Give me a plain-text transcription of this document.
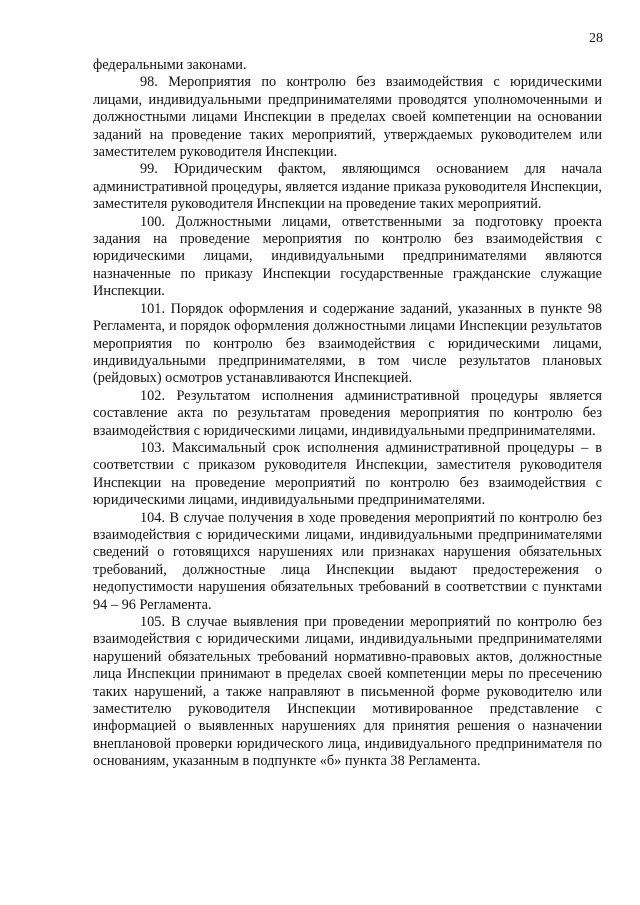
28

федеральными законами.

98. Мероприятия по контролю без взаимодействия с юридическими лицами, индивидуальными предпринимателями проводятся уполномоченными и должностными лицами Инспекции в пределах своей компетенции на основании заданий на проведение таких мероприятий, утверждаемых руководителем или заместителем руководителя Инспекции.

99. Юридическим фактом, являющимся основанием для начала административной процедуры, является издание приказа руководителя Инспекции, заместителя руководителя Инспекции на проведение таких мероприятий.

100. Должностными лицами, ответственными за подготовку проекта задания на проведение мероприятия по контролю без взаимодействия с юридическими лицами, индивидуальными предпринимателями являются назначенные по приказу Инспекции государственные гражданские служащие Инспекции.

101. Порядок оформления и содержание заданий, указанных в пункте 98 Регламента, и порядок оформления должностными лицами Инспекции результатов мероприятия по контролю без взаимодействия с юридическими лицами, индивидуальными предпринимателями, в том числе результатов плановых (рейдовых) осмотров устанавливаются Инспекцией.

102. Результатом исполнения административной процедуры является составление акта по результатам проведения мероприятия по контролю без взаимодействия с юридическими лицами, индивидуальными предпринимателями.

103. Максимальный срок исполнения административной процедуры – в соответствии с приказом руководителя Инспекции, заместителя руководителя Инспекции на проведение мероприятий по контролю без взаимодействия с юридическими лицами, индивидуальными предпринимателями.

104. В случае получения в ходе проведения мероприятий по контролю без взаимодействия с юридическими лицами, индивидуальными предпринимателями сведений о готовящихся нарушениях или признаках нарушения обязательных требований, должностные лица Инспекции выдают предостережения о недопустимости нарушения обязательных требований в соответствии с пунктами 94 – 96 Регламента.

105. В случае выявления при проведении мероприятий по контролю без взаимодействия с юридическими лицами, индивидуальными предпринимателями нарушений обязательных требований нормативно-правовых актов, должностные лица Инспекции принимают в пределах своей компетенции меры по пресечению таких нарушений, а также направляют в письменной форме руководителю или заместителю руководителя Инспекции мотивированное представление с информацией о выявленных нарушениях для принятия решения о назначении внеплановой проверки юридического лица, индивидуального предпринимателя по основаниям, указанным в подпункте «б» пункта 38 Регламента.
